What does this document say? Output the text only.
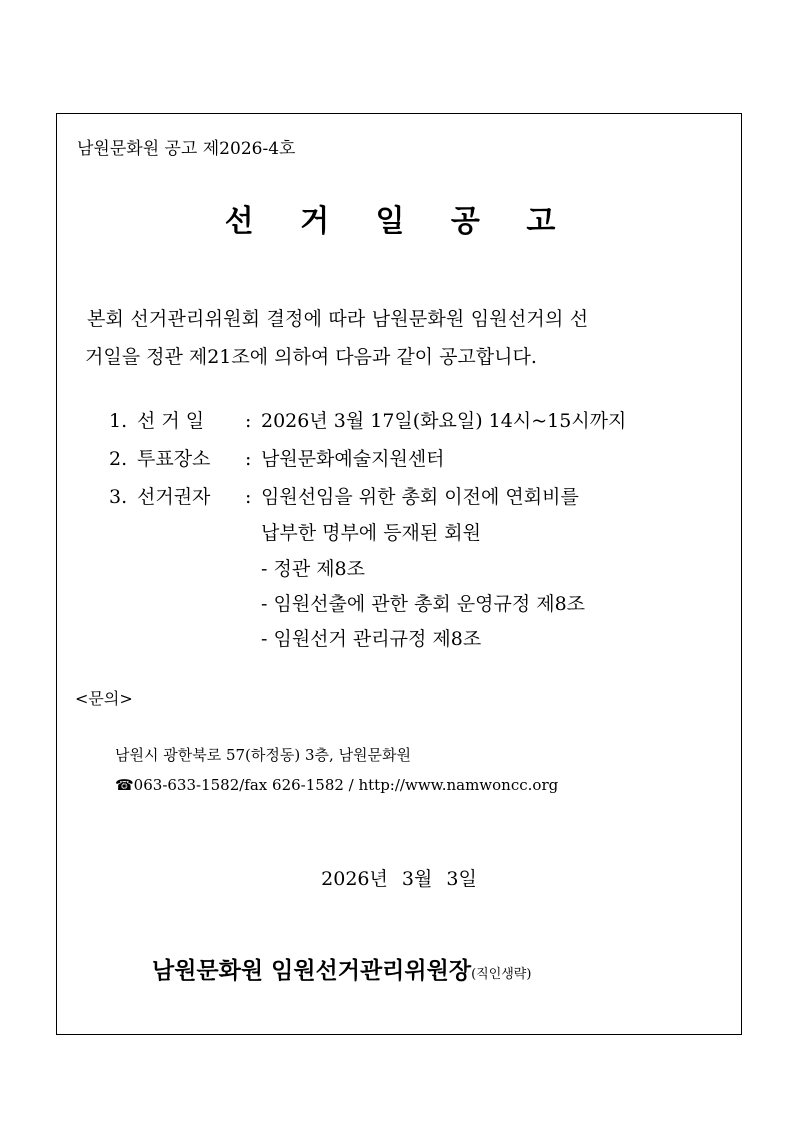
남원문화원 공고 제2026-4호
선 거 일 공 고
본회 선거관리위원회 결정에 따라 남원문화원 임원선거의 선
거일을 정관 제21조에 의하여 다음과 같이 공고합니다.
1. 선 거 일 : 2026년 3월 17일(화요일) 14시~15시까지
2. 투표장소 : 남원문화예술지원센터
3. 선거권자 : 임원선임을 위한 총회 이전에 연회비를
납부한 명부에 등재된 회원
- 정관 제8조
- 임원선출에 관한 총회 운영규정 제8조
- 임원선거 관리규정 제8조
<문의>
남원시 광한북로 57(하정동) 3층, 남원문화원
☎063-633-1582/fax 626-1582 / http://www.namwoncc.org
2026년 3월 3일
남원문화원 임원선거관리위원장(직인생략)
